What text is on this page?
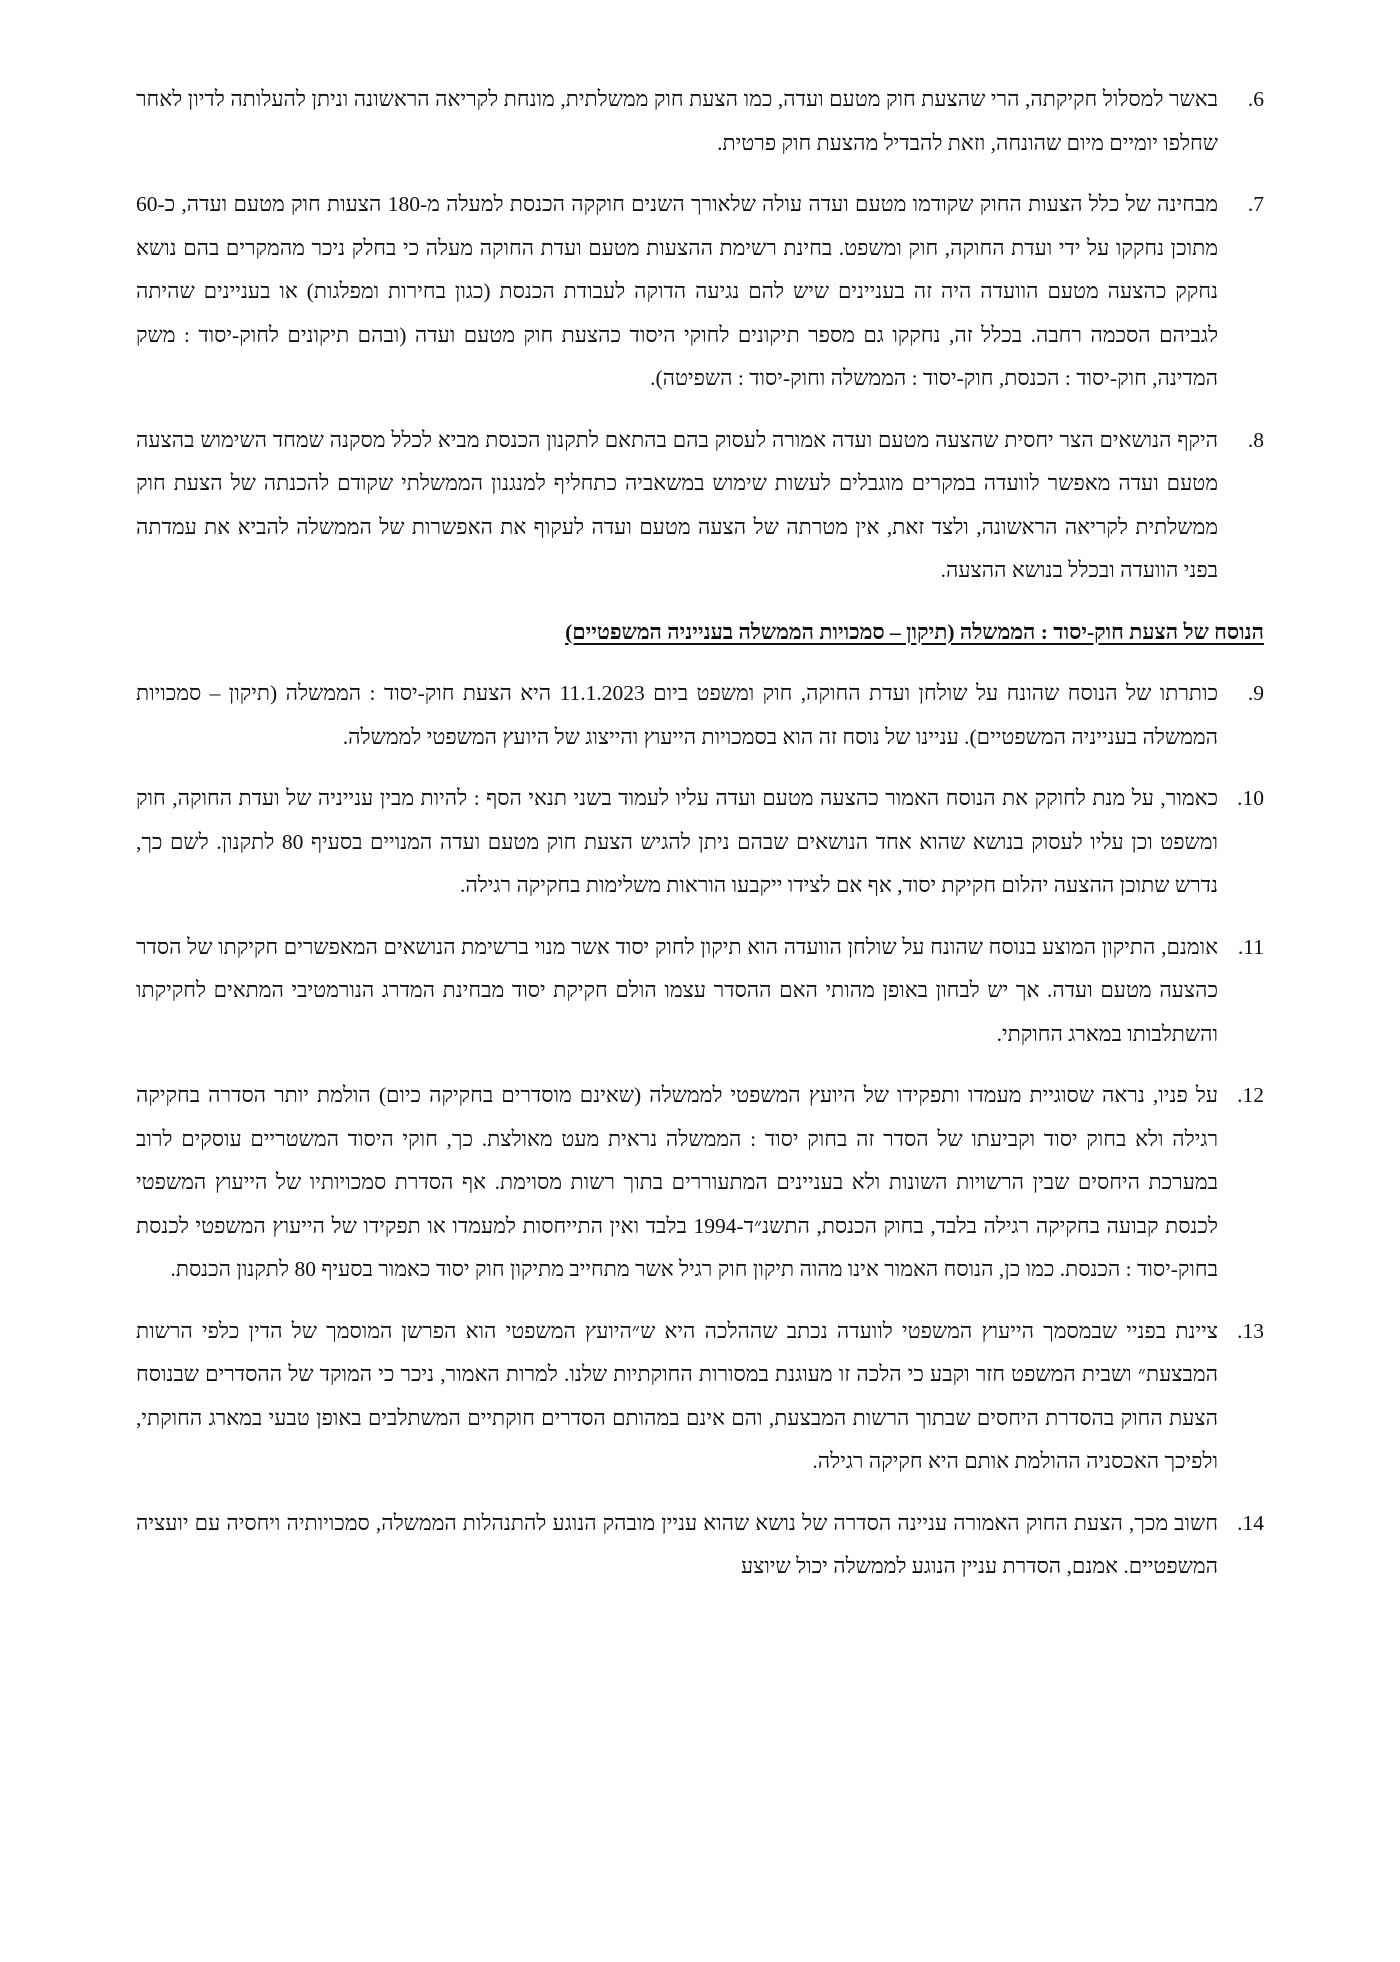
.6
באשר למסלול חקיקתה, הרי שהצעת חוק מטעם ועדה, כמו הצעת חוק ממשלתית, מונחת לקריאה הראשונה וניתן להעלותה לדיון לאחר שחלפו יומיים מיום שהונחה, וזאת להבדיל מהצעת חוק פרטית.
.7
מבחינה של כלל הצעות החוק שקודמו מטעם ועדה עולה שלאורך השנים חוקקה הכנסת למעלה מ-180 הצעות חוק מטעם ועדה, כ-60 מתוכן נחקקו על ידי ועדת החוקה, חוק ומשפט. בחינת רשימת ההצעות מטעם ועדת החוקה מעלה כי בחלק ניכר מהמקרים בהם נושא נחקק כהצעה מטעם הוועדה היה זה בעניינים שיש להם נגיעה הדוקה לעבודת הכנסת (כגון בחירות ומפלגות) או בעניינים שהיתה לגביהם הסכמה רחבה. בכלל זה, נחקקו גם מספר תיקונים לחוקי היסוד כהצעת חוק מטעם ועדה (ובהם תיקונים לחוק-יסוד : משק המדינה, חוק-יסוד : הכנסת, חוק-יסוד : הממשלה וחוק-יסוד : השפיטה).
.8
היקף הנושאים הצר יחסית שהצעה מטעם ועדה אמורה לעסוק בהם בהתאם לתקנון הכנסת מביא לכלל מסקנה שמחד השימוש בהצעה מטעם ועדה מאפשר לוועדה במקרים מוגבלים לעשות שימוש במשאביה כתחליף למנגנון הממשלתי שקודם להכנתה של הצעת חוק ממשלתית לקריאה הראשונה, ולצד זאת, אין מטרתה של הצעה מטעם ועדה לעקוף את האפשרות של הממשלה להביא את עמדתה בפני הוועדה ובכלל בנושא ההצעה.
הנוסח של הצעת חוק-יסוד : הממשלה (תיקון – סמכויות הממשלה בענייניה המשפטיים)
.9
כותרתו של הנוסח שהונח על שולחן ועדת החוקה, חוק ומשפט ביום 11.1.2023 היא הצעת חוק-יסוד : הממשלה (תיקון – סמכויות הממשלה בענייניה המשפטיים). עניינו של נוסח זה הוא בסמכויות הייעוץ והייצוג של היועץ המשפטי לממשלה.
.10
כאמור, על מנת לחוקק את הנוסח האמור כהצעה מטעם ועדה עליו לעמוד בשני תנאי הסף : להיות מבין ענייניה של ועדת החוקה, חוק ומשפט וכן עליו לעסוק בנושא שהוא אחד הנושאים שבהם ניתן להגיש הצעת חוק מטעם ועדה המנויים בסעיף 80 לתקנון. לשם כך, נדרש שתוכן ההצעה יהלום חקיקת יסוד, אף אם לצידו ייקבעו הוראות משלימות בחקיקה רגילה.
.11
אומנם, התיקון המוצע בנוסח שהונח על שולחן הוועדה הוא תיקון לחוק יסוד אשר מנוי ברשימת הנושאים המאפשרים חקיקתו של הסדר כהצעה מטעם ועדה. אך יש לבחון באופן מהותי האם ההסדר עצמו הולם חקיקת יסוד מבחינת המדרג הנורמטיבי המתאים לחקיקתו והשתלבותו במארג החוקתי.
.12
על פניו, נראה שסוגיית מעמדו ותפקידו של היועץ המשפטי לממשלה (שאינם מוסדרים בחקיקה כיום) הולמת יותר הסדרה בחקיקה רגילה ולא בחוק יסוד וקביעתו של הסדר זה בחוק יסוד : הממשלה נראית מעט מאולצת. כך, חוקי היסוד המשטריים עוסקים לרוב במערכת היחסים שבין הרשויות השונות ולא בעניינים המתעוררים בתוך רשות מסוימת. אף הסדרת סמכויותיו של הייעוץ המשפטי לכנסת קבועה בחקיקה רגילה בלבד, בחוק הכנסת, התשנ״ד-1994 בלבד ואין התייחסות למעמדו או תפקידו של הייעוץ המשפטי לכנסת בחוק-יסוד : הכנסת. כמו כן, הנוסח האמור אינו מהוה תיקון חוק רגיל אשר מתחייב מתיקון חוק יסוד כאמור בסעיף 80 לתקנון הכנסת.
.13
ציינת בפניי שבמסמך הייעוץ המשפטי לוועדה נכתב שההלכה היא ש״היועץ המשפטי הוא הפרשן המוסמך של הדין כלפי הרשות המבצעת״ ושבית המשפט חזר וקבע כי הלכה זו מעוגנת במסורות החוקתיות שלנו. למרות האמור, ניכר כי המוקד של ההסדרים שבנוסח הצעת החוק בהסדרת היחסים שבתוך הרשות המבצעת, והם אינם במהותם הסדרים חוקתיים המשתלבים באופן טבעי במארג החוקתי, ולפיכך האכסניה ההולמת אותם היא חקיקה רגילה.
.14
חשוב מכך, הצעת החוק האמורה עניינה הסדרה של נושא שהוא עניין מובהק הנוגע להתנהלות הממשלה, סמכויותיה ויחסיה עם יועציה המשפטיים. אמנם, הסדרת עניין הנוגע לממשלה יכול שיוצע
